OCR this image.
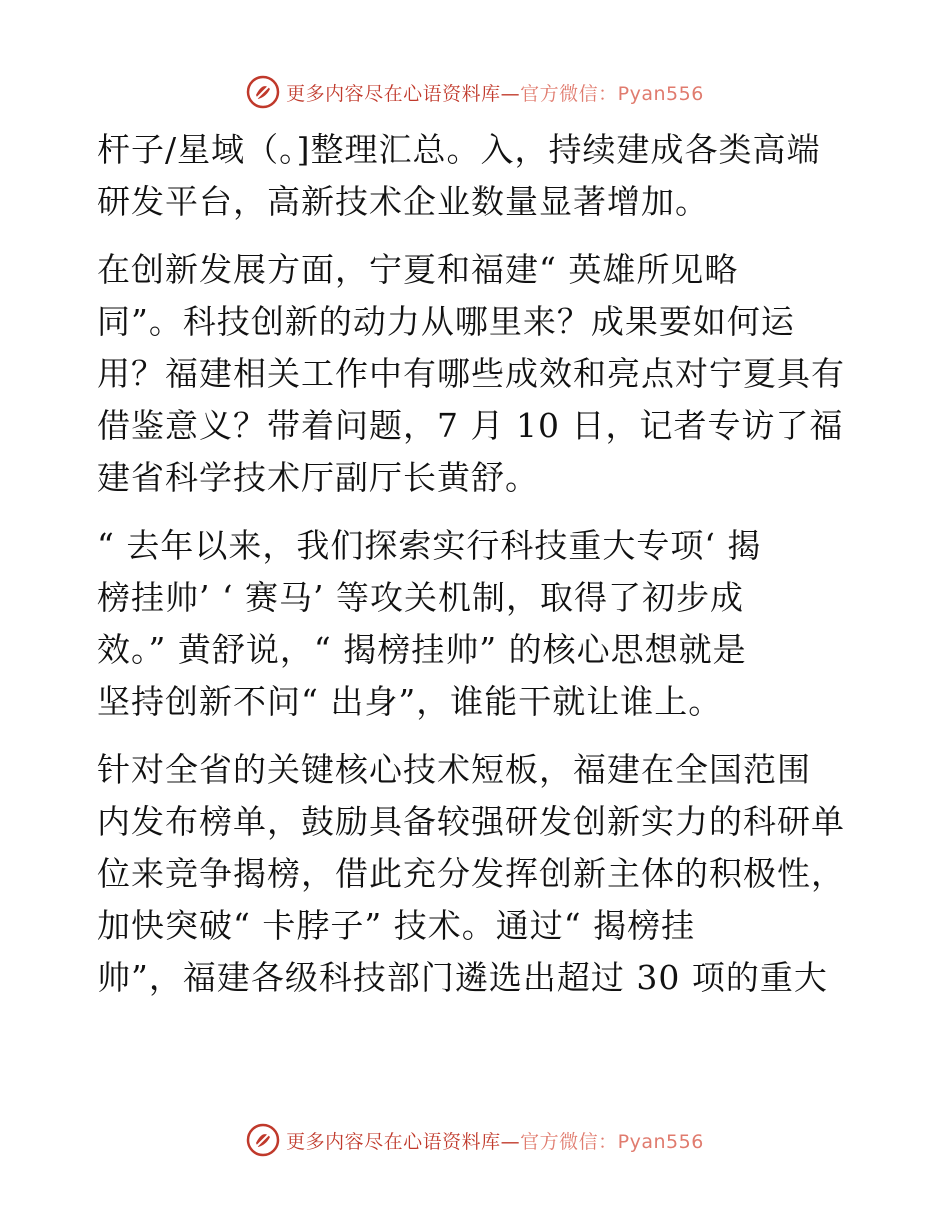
更多内容尽在心语资料库—官方微信：Pyan556

杆子/星域（。]整理汇总。入，持续建成各类高端
研发平台，高新技术企业数量显著增加。

在创新发展方面，宁夏和福建“ 英雄所见略
同”。科技创新的动力从哪里来？成果要如何运
用？福建相关工作中有哪些成效和亮点对宁夏具有
借鉴意义？带着问题，7 月 10 日，记者专访了福
建省科学技术厅副厅长黄舒。

“ 去年以来，我们探索实行科技重大专项‘ 揭
榜挂帅’ ‘ 赛马’ 等攻关机制，取得了初步成
效。” 黄舒说，“ 揭榜挂帅” 的核心思想就是
坚持创新不问“ 出身”，谁能干就让谁上。

针对全省的关键核心技术短板，福建在全国范围
内发布榜单，鼓励具备较强研发创新实力的科研单
位来竞争揭榜，借此充分发挥创新主体的积极性，
加快突破“ 卡脖子” 技术。通过“ 揭榜挂
帅”，福建各级科技部门遴选出超过 30 项的重大

更多内容尽在心语资料库—官方微信：Pyan556
